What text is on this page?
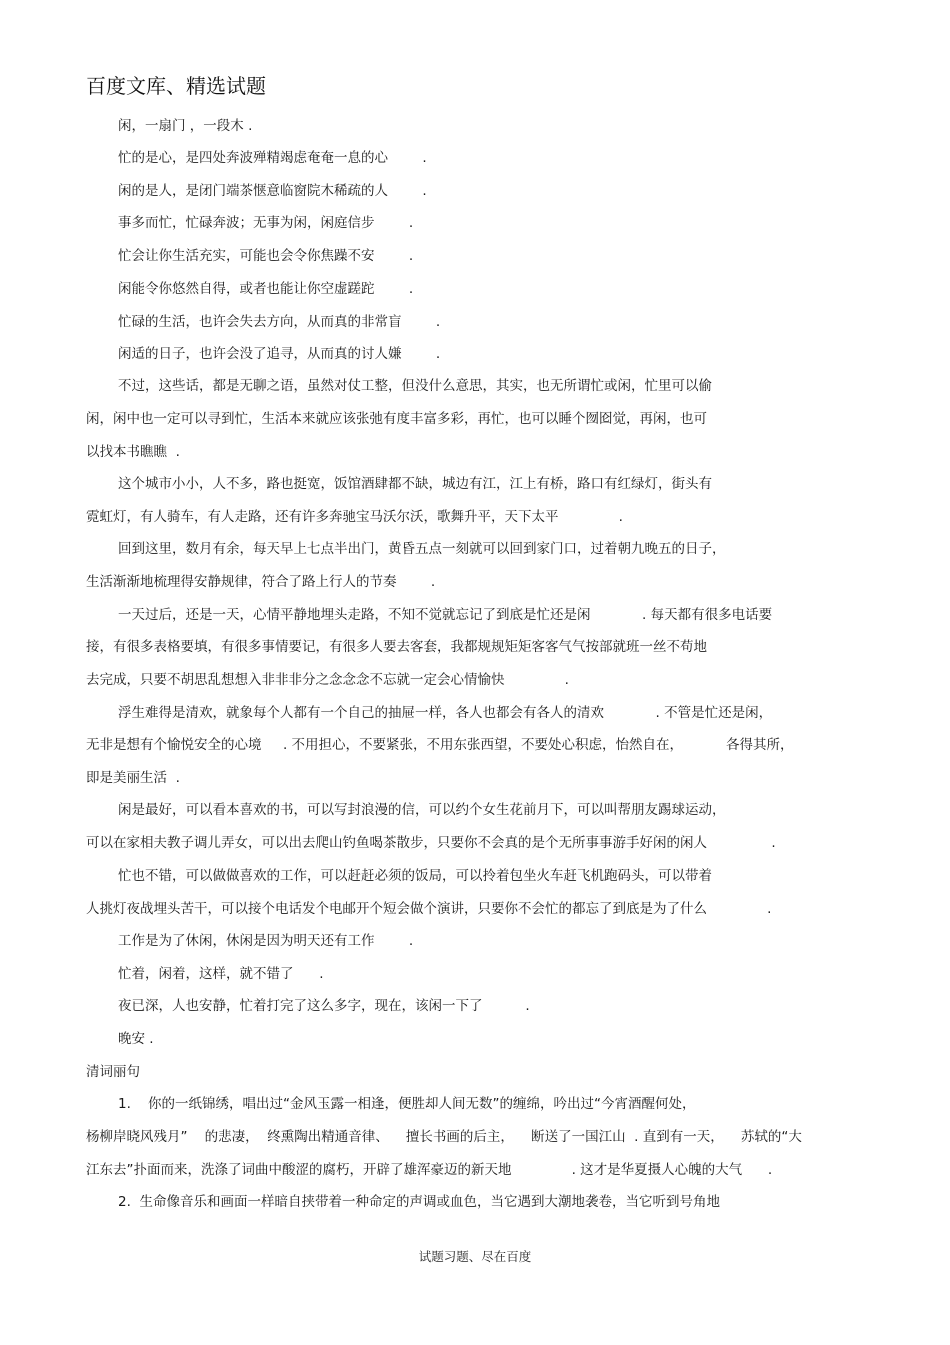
百度文库、精选试题
闲，一扇门 ，一段木 .
忙的是心，是四处奔波殚精竭虑奄奄一息的心        .
闲的是人，是闭门端茶惬意临窗院木稀疏的人        .
事多而忙，忙碌奔波；无事为闲，闲庭信步        .
忙会让你生活充实，可能也会令你焦躁不安        .
闲能令你悠然自得，或者也能让你空虚蹉跎        .
忙碌的生活，也许会失去方向，从而真的非常盲        .
闲适的日子，也许会没了追寻，从而真的讨人嫌        .
不过，这些话，都是无聊之语，虽然对仗工整，但没什么意思，其实，也无所谓忙或闲，忙里可以偷
闲，闲中也一定可以寻到忙，生活本来就应该张弛有度丰富多彩，再忙，也可以睡个囫囵觉，再闲，也可
以找本书瞧瞧  .
这个城市小小，人不多，路也挺宽，饭馆酒肆都不缺，城边有江，江上有桥，路口有红绿灯，街头有
霓虹灯，有人骑车，有人走路，还有许多奔驰宝马沃尔沃，歌舞升平，天下太平              .
回到这里，数月有余，每天早上七点半出门，黄昏五点一刻就可以回到家门口，过着朝九晚五的日子，
生活渐渐地梳理得安静规律，符合了路上行人的节奏        .
一天过后，还是一天，心情平静地埋头走路，不知不觉就忘记了到底是忙还是闲            . 每天都有很多电话要
接，有很多表格要填，有很多事情要记，有很多人要去客套，我都规规矩矩客客气气按部就班一丝不苟地
去完成，只要不胡思乱想想入非非非分之念念念不忘就一定会心情愉快              .
浮生难得是清欢，就象每个人都有一个自己的抽屉一样，各人也都会有各人的清欢            . 不管是忙还是闲，
无非是想有个愉悦安全的心境     . 不用担心，不要紧张，不用东张西望，不要处心积虑，怡然自在，          各得其所，
即是美丽生活  .
闲是最好，可以看本喜欢的书，可以写封浪漫的信，可以约个女生花前月下，可以叫帮朋友踢球运动，
可以在家相夫教子调儿弄女，可以出去爬山钓鱼喝茶散步，只要你不会真的是个无所事事游手好闲的闲人               .
忙也不错，可以做做喜欢的工作，可以赶赶必须的饭局，可以拎着包坐火车赶飞机跑码头，可以带着
人挑灯夜战埋头苦干，可以接个电话发个电邮开个短会做个演讲，只要你不会忙的都忘了到底是为了什么              .
工作是为了休闲，休闲是因为明天还有工作        .
忙着，闲着，这样，就不错了      .
夜已深，人也安静，忙着打完了这么多字，现在，该闲一下了          .
晚安 .
清词丽句
1.    你的一纸锦绣，唱出过“金风玉露一相逢，便胜却人间无数”的缠绵，吟出过“今宵酒醒何处，
杨柳岸晓风残月”    的悲凄，  终熏陶出精通音律、    擅长书画的后主，    断送了一国江山  . 直到有一天，    苏轼的“大
江东去”扑面而来，洗涤了词曲中酸涩的腐朽，开辟了雄浑豪迈的新天地              . 这才是华夏摄人心魄的大气      .
2.  生命像音乐和画面一样暗自挟带着一种命定的声调或血色，当它遇到大潮地袭卷，当它听到号角地
试题习题、尽在百度
